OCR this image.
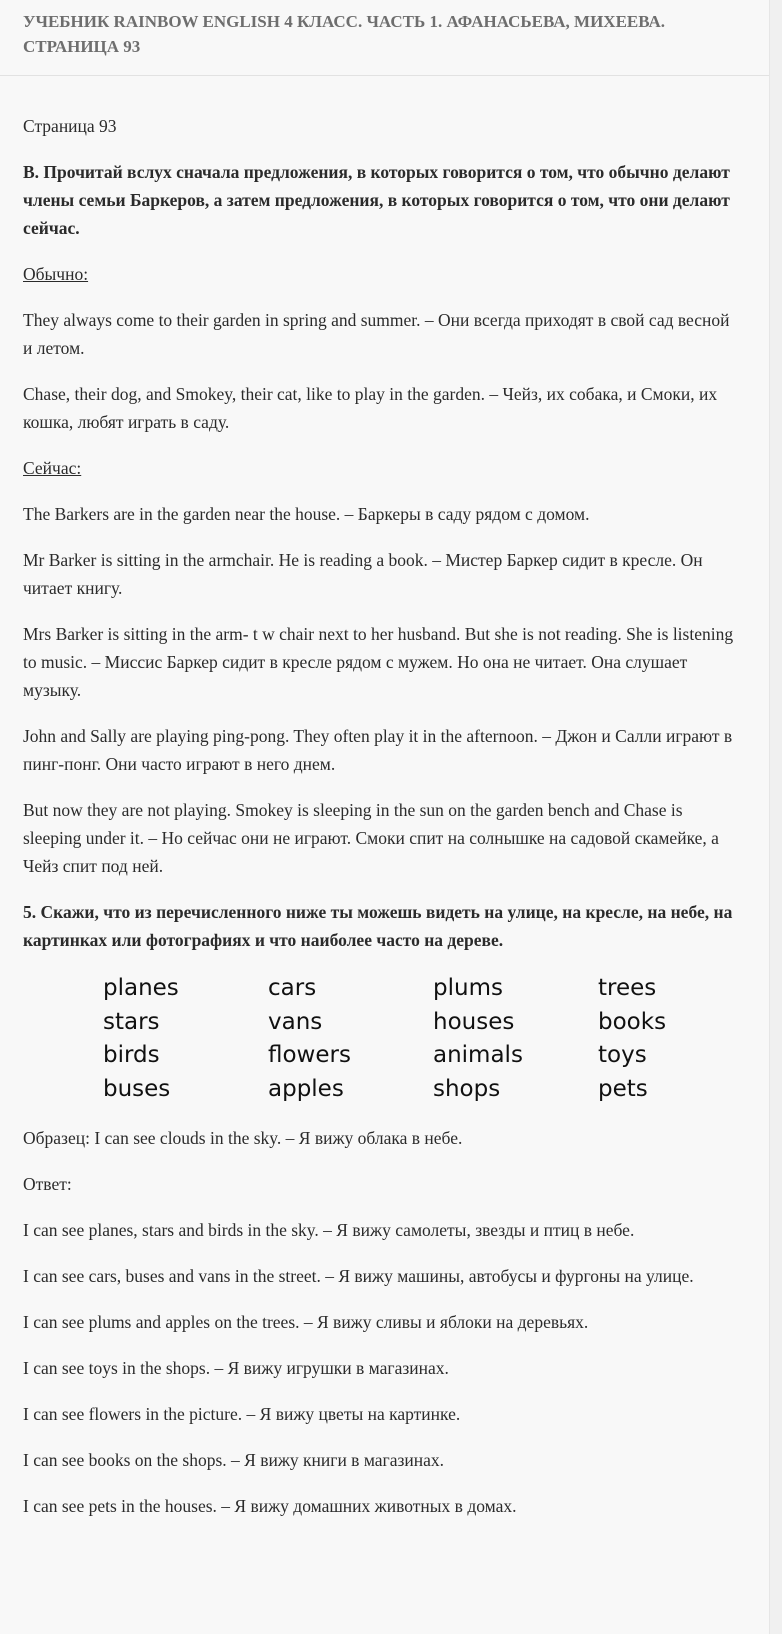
УЧЕБНИК RAINBOW ENGLISH 4 КЛАСС. ЧАСТЬ 1. АФАНАСЬЕВА, МИХЕЕВА. СТРАНИЦА 93

Страница 93

B. Прочитай вслух сначала предложения, в которых говорится о том, что обычно делают члены семьи Баркеров, а затем предложения, в которых говорится о том, что они делают сейчас.

Обычно:

They always come to their garden in spring and summer. – Они всегда приходят в свой сад весной и летом.

Chase, their dog, and Smokey, their cat, like to play in the garden. – Чейз, их собака, и Смоки, их кошка, любят играть в саду.

Сейчас:

The Barkers are in the garden near the house. – Баркеры в саду рядом с домом.

Mr Barker is sitting in the armchair. He is reading a book. – Мистер Баркер сидит в кресле. Он читает книгу.

Mrs Barker is sitting in the arm- t w chair next to her husband. But she is not reading. She is listening to music. – Миссис Баркер сидит в кресле рядом с мужем. Но она не читает. Она слушает музыку.

John and Sally are playing ping-pong. They often play it in the afternoon. – Джон и Салли играют в пинг-понг. Они часто играют в него днем.

But now they are not playing. Smokey is sleeping in the sun on the garden bench and Chase is sleeping under it. – Но сейчас они не играют. Смоки спит на солнышке на садовой скамейке, а Чейз спит под ней.

5. Скажи, что из перечисленного ниже ты можешь видеть на улице, на кресле, на небе, на картинках или фотографиях и что наиболее часто на дереве.

planes	cars	plums	trees
stars	vans	houses	books
birds	flowers	animals	toys
buses	apples	shops	pets

Образец: I can see clouds in the sky. – Я вижу облака в небе.

Ответ:

I can see planes, stars and birds in the sky. – Я вижу самолеты, звезды и птиц в небе.

I can see cars, buses and vans in the street. – Я вижу машины, автобусы и фургоны на улице.

I can see plums and apples on the trees. – Я вижу сливы и яблоки на деревьях.

I can see toys in the shops. – Я вижу игрушки в магазинах.

I can see flowers in the picture. – Я вижу цветы на картинке.

I can see books on the shops. – Я вижу книги в магазинах.

I can see pets in the houses. – Я вижу домашних животных в домах.
